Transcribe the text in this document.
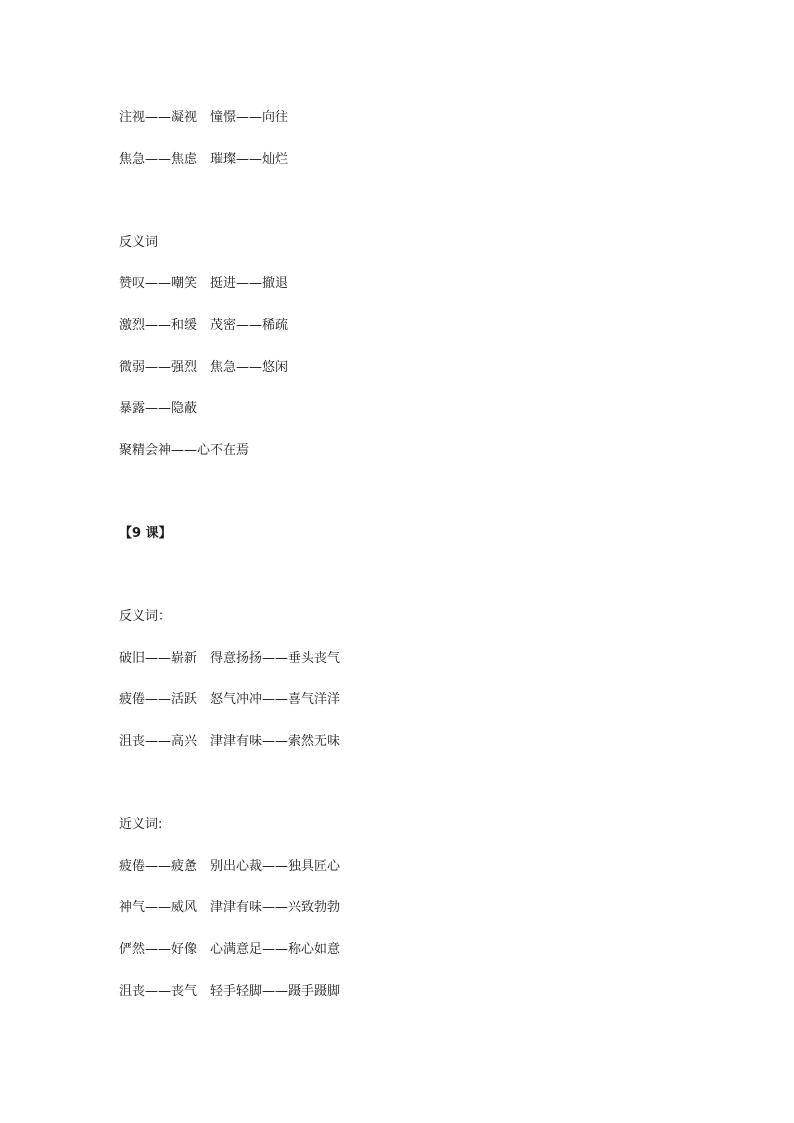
注视——凝视　憧憬——向往

焦急——焦虑　璀璨——灿烂

反义词

赞叹——嘲笑　挺进——撤退

激烈——和缓　茂密——稀疏

微弱——强烈　焦急——悠闲

暴露——隐蔽

聚精会神——心不在焉

【9 课】

反义词：

破旧——崭新　得意扬扬——垂头丧气

疲倦——活跃　怒气冲冲——喜气洋洋

沮丧——高兴　津津有味——索然无味

近义词:

疲倦——疲惫　别出心裁——独具匠心

神气——威风　津津有味——兴致勃勃

俨然——好像　心满意足——称心如意

沮丧——丧气　轻手轻脚——蹑手蹑脚
